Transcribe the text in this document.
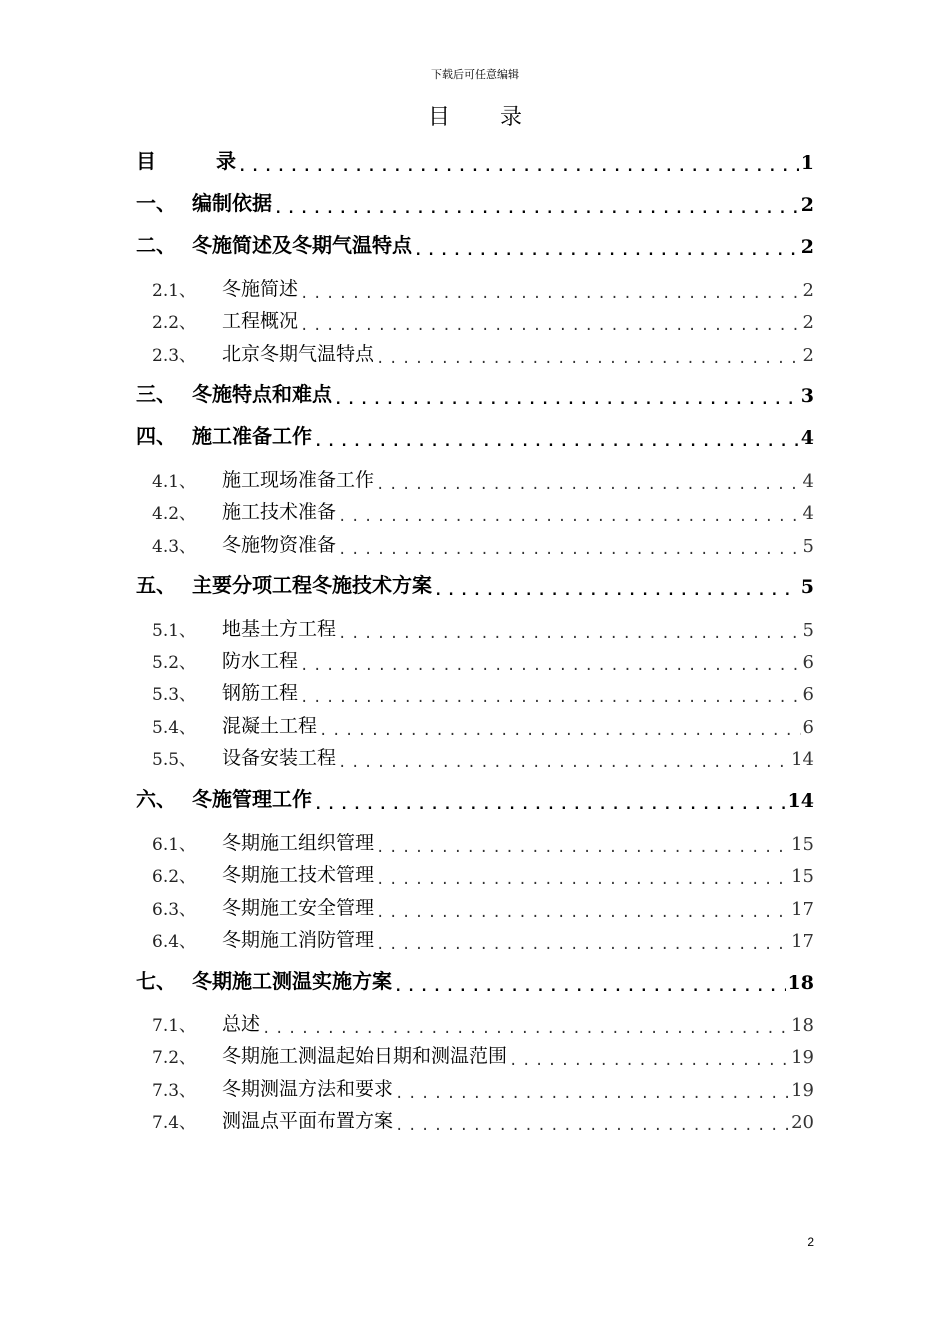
下载后可任意编辑
目录
目	录 .....	1
一、 编制依据 .....	2
二、 冬施简述及冬期气温特点 .....	2
2.1、	冬施简述 .....	2
2.2、	工程概况 .....	2
2.3、	北京冬期气温特点 .....	2
三、 冬施特点和难点 .....	3
四、 施工准备工作 .....	4
4.1、	施工现场准备工作 .....	4
4.2、	施工技术准备 .....	4
4.3、	冬施物资准备 .....	5
五、 主要分项工程冬施技术方案 .....	5
5.1、	地基土方工程 .....	5
5.2、	防水工程 .....	6
5.3、	钢筋工程 .....	6
5.4、	混凝土工程 .....	6
5.5、	设备安装工程 .....	14
六、 冬施管理工作 .....	14
6.1、	冬期施工组织管理 .....	15
6.2、	冬期施工技术管理 .....	15
6.3、	冬期施工安全管理 .....	17
6.4、	冬期施工消防管理 .....	17
七、 冬期施工测温实施方案 .....	18
7.1、	总述 .....	18
7.2、	冬期施工测温起始日期和测温范围 .....	19
7.3、	冬期测温方法和要求 .....	19
7.4、	测温点平面布置方案 .....	20
2
